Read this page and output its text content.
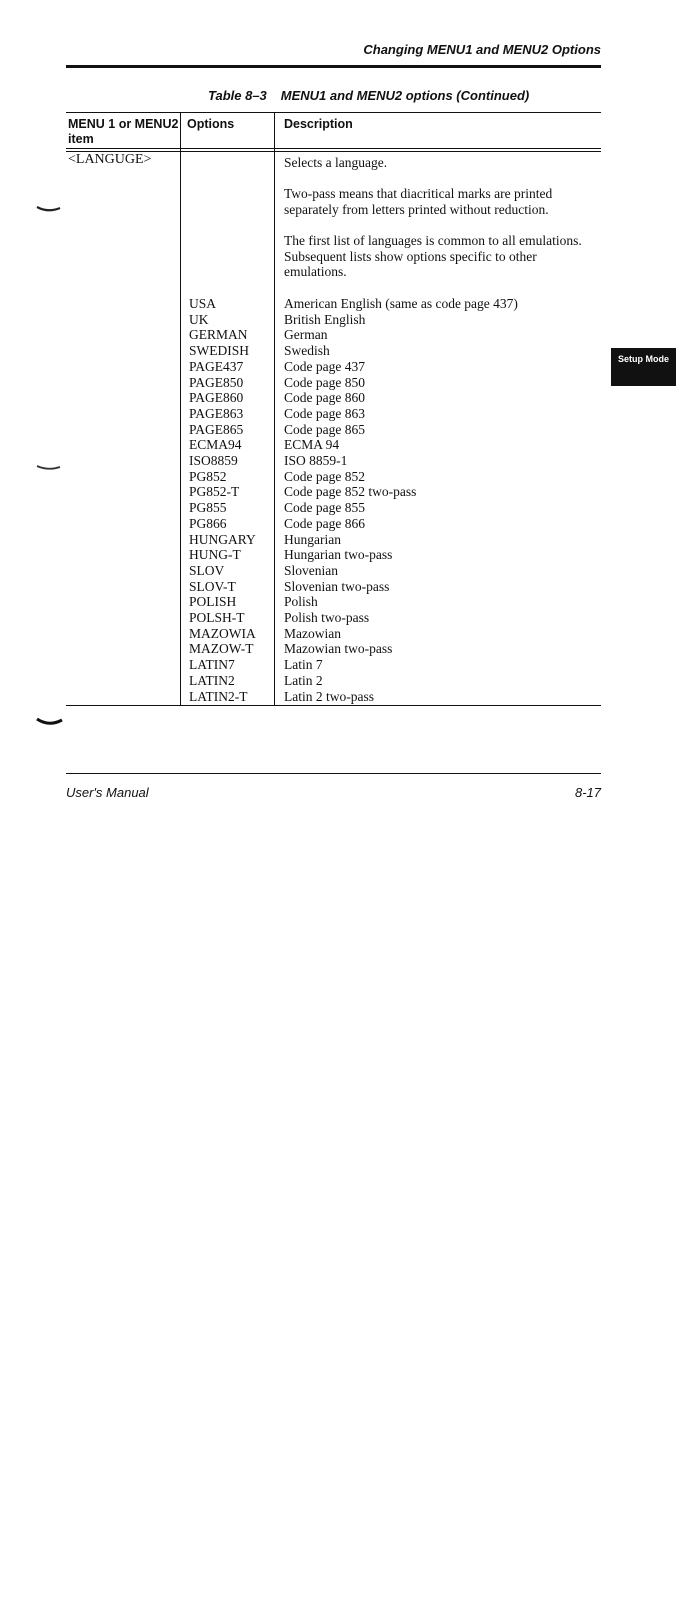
Changing MENU1 and MENU2 Options
Table 8–3 MENU1 and MENU2 options (Continued)
MENU 1 or MENU2
item
Options	Description
<LANGUGE>	Selects a language.
Two-pass means that diacritical marks are printed separately from letters printed without reduction.
The first list of languages is common to all emulations. Subsequent lists show options specific to other emulations.
USA	American English (same as code page 437)
UK	British English
GERMAN	German
SWEDISH	Swedish
PAGE437	Code page 437
PAGE850	Code page 850
PAGE860	Code page 860
PAGE863	Code page 863
PAGE865	Code page 865
ECMA94	ECMA 94
ISO8859	ISO 8859-1
PG852	Code page 852
PG852-T	Code page 852 two-pass
PG855	Code page 855
PG866	Code page 866
HUNGARY Hungarian
HUNG-T	Hungarian two-pass
SLOV	Slovenian
SLOV-T	Slovenian two-pass
POLISH	Polish
POLSH-T	Polish two-pass
MAZOWIA Mazowian
MAZOW-T Mazowian two-pass
LATIN7	Latin 7
LATIN2	Latin 2
LATIN2-T	Latin 2 two-pass
Setup Mode
User's Manual	8-17
